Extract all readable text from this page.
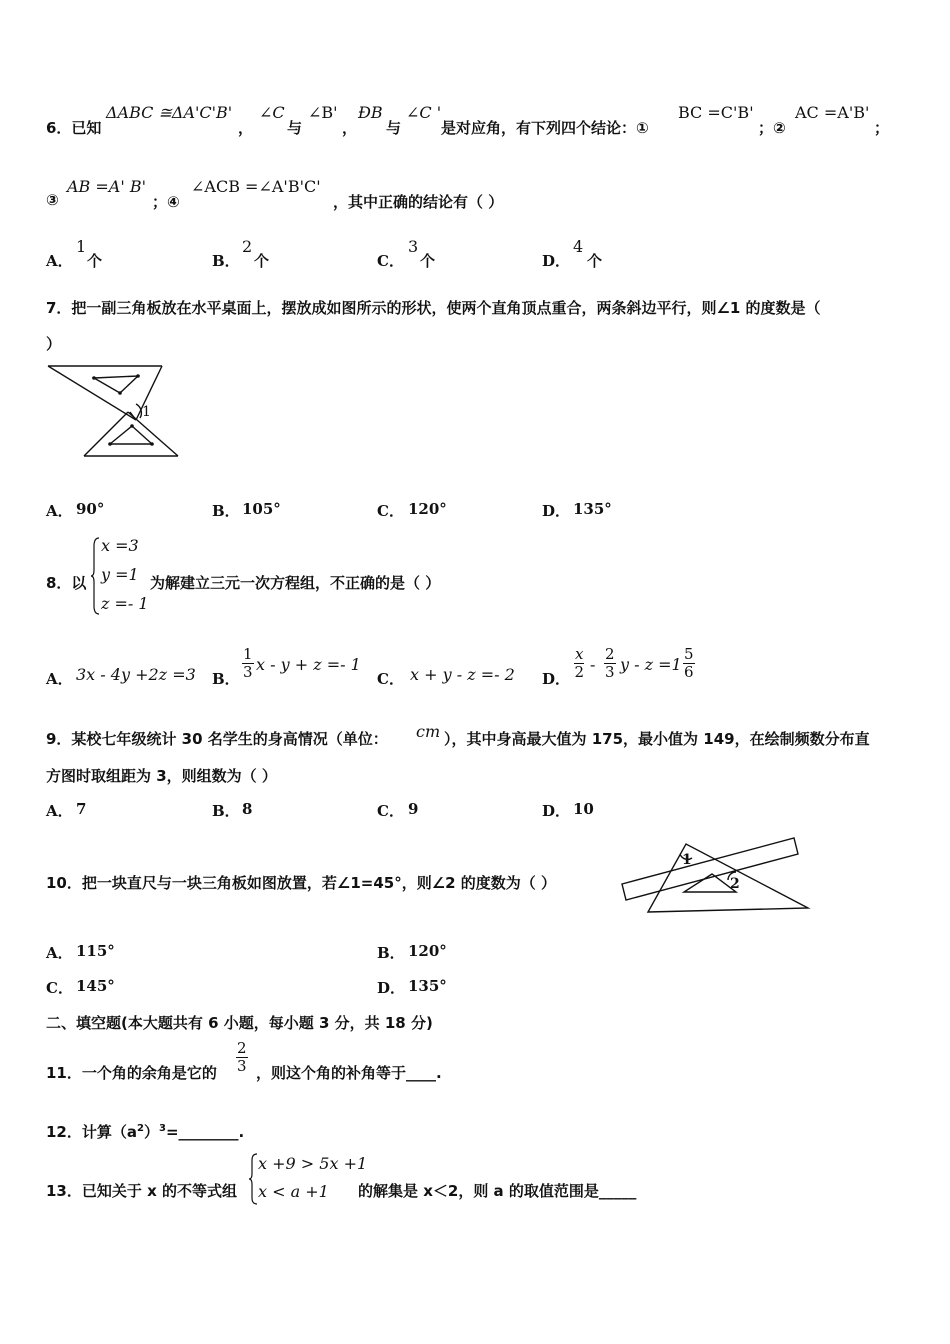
6．已知
ΔABC ≅ΔA'C'B'
，
∠C
与
∠B'
，
ÐB
与
∠C '
是对应角，有下列四个结论：①
BC =C'B'
；②
AC =A'B'
；
③
AB =A' B'
；④
∠ACB =∠A'B'C'
，其中正确的结论有（ ）
A．
1
个	B．
2
个	C．
3
个	D．
4
个
7．把一副三角板放在水平桌面上，摆放成如图所示的形状，使两个直角顶点重合，两条斜边平行，则∠1 的度数是（
）
1
A． 90°	B． 105°	C． 120°	D． 135°
8．以
x =3
y =1
z =- 1
为解建立三元一次方程组，不正确的是（ ）
A． 3x - 4y +2z =3 B． $\frac{1}{3}$ x - y + z =- 1
C． x + y - z =- 2 D． $\frac{x}{2} - \frac{2}{3}$ $y - z =1 \frac{5}{6}$
9．某校七年级统计 30 名学生的身高情况（单位： cm ），其中身高最大值为 175，最小值为 149，在绘制频数分布直
方图时取组距为 3，则组数为（ ）
A． 7	B． 8	C． 9	D． 10
10．把一块直尺与一块三角板如图放置，若∠1=45°，则∠2 的度数为（ ）
1
2
A． 115°	B． 120°
C． 145°	D． 135°
二、填空题(本大题共有 6 小题，每小题 3 分，共 18 分)
11．一个角的余角是它的 $\frac{2}{3}$ ，则这个角的补角等于____.
12．计算$(a^2)^3=\_\_\_\_\_\_\_\_$.
13．已知关于 x 的不等式组
x +9 > 5x +1
x < a +1 的解集是 x＜2，则 a 的取值范围是_____
